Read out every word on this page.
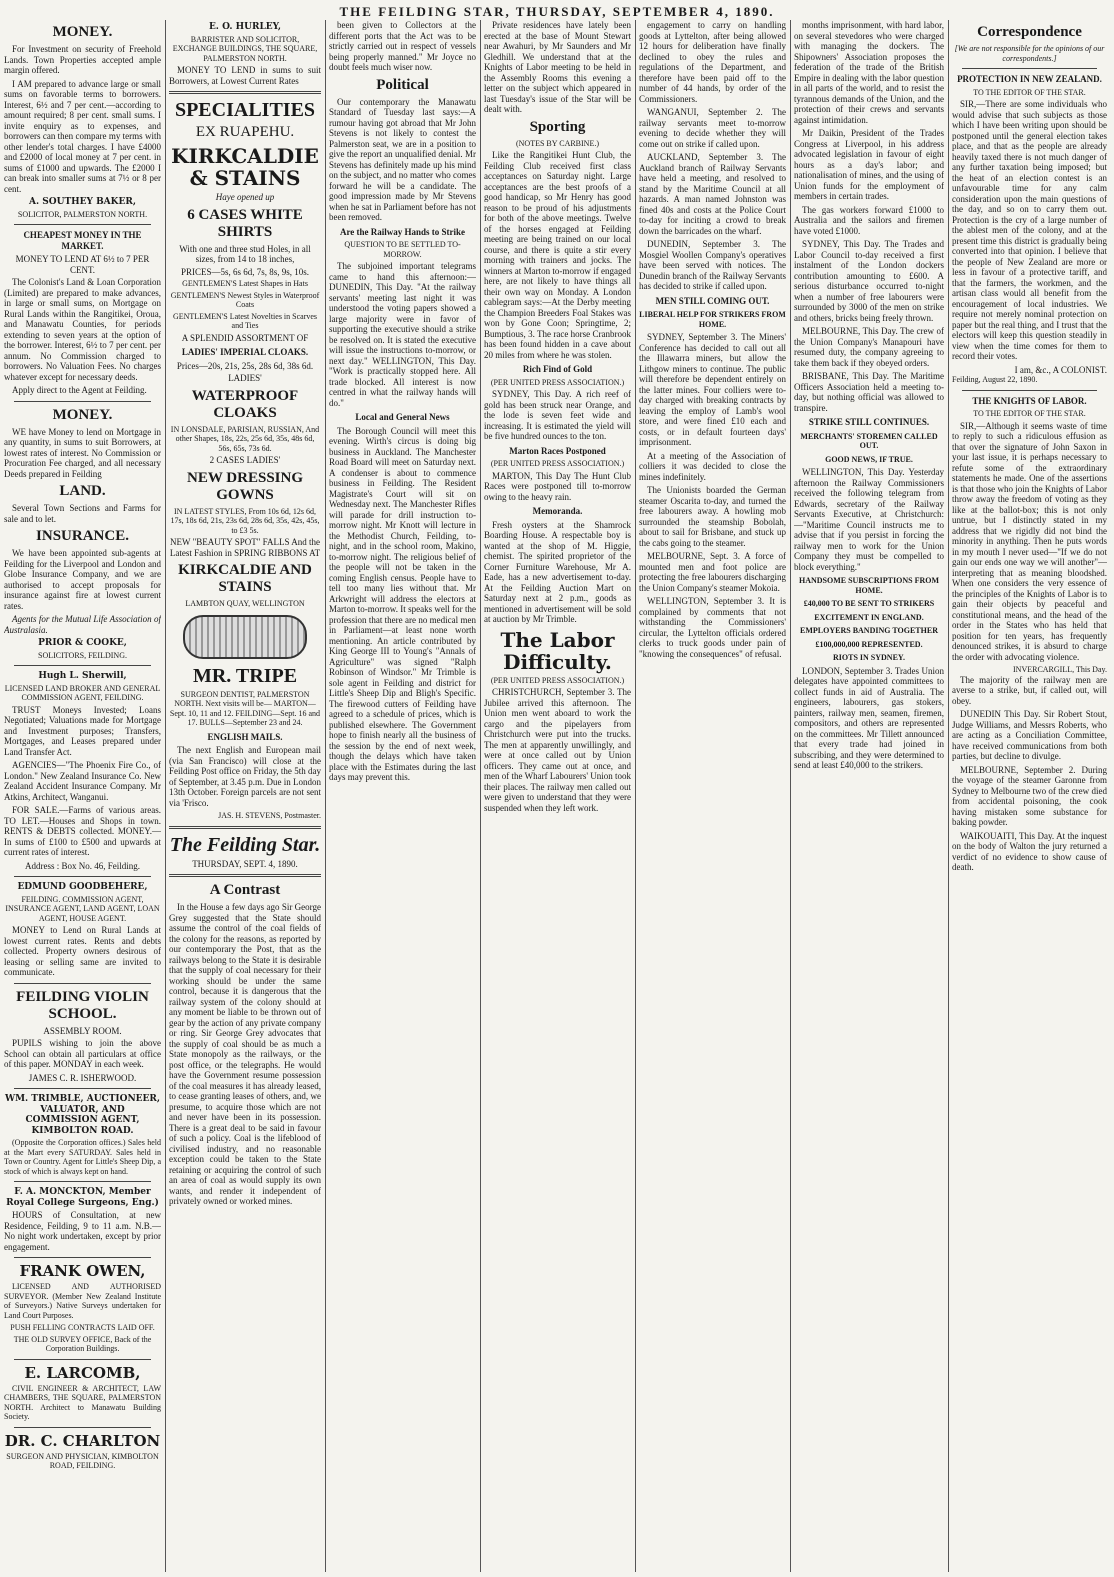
THE FEILDING STAR, THURSDAY, SEPTEMBER 4, 1890.
MONEY.

For Investment on security of Freehold Lands. Town Properties accepted ample margin offered.

I AM prepared to advance large or small sums on favorable terms to borrowers. Interest, 6½ and 7 per cent.—according to amount required; 8 per cent. small sums. I invite enquiry as to expenses, and borrowers can then compare my terms with other lender's total charges. I have £4000 and £2000 of local money at 7 per cent. in sums of £1000 and upwards. The £2000 I can break into smaller sums at 7½ or 8 per cent.

A. SOUTHEY BAKER,
SOLICITOR, PALMERSTON NORTH.
CHEAPEST MONEY IN THE MARKET.
MONEY TO LEND AT 6½ to 7 PER CENT.

The Colonist's Land & Loan Corporation (Limited) are prepared to make advances, in large or small sums, on Mortgage on Rural Lands within the Rangitikei, Oroua, and Manawatu Counties, for periods extending to seven years at the option of the borrower. Interest, 6½ to 7 per cent. per annum. No Commission charged to borrowers. No Valuation Fees. No charges whatever except for necessary deeds.

Apply direct to the Agent at Feilding.

MONEY.

WE have Money to lend on Mortgage in any quantity, in sums to suit Borrowers, at lowest rates of interest. No Commission or Procuration Fee charged, and all necessary Deeds prepared in Feilding

LAND.

Several Town Sections and Farms for sale and to let.

INSURANCE.

We have been appointed sub-agents at Feilding for the Liverpool and London and Globe Insurance Company, and we are authorised to accept proposals for insurance against fire at lowest current rates.

Agents for the Mutual Life Association of Australasia.

PRIOR & COOKE,
SOLICITORS, FEILDING.
Hugh L. Sherwill,
LICENSED LAND BROKER AND GENERAL COMMISSION AGENT, FEILDING.

TRUST Moneys Invested; Loans Negotiated; Valuations made for Mortgage and Investment purposes; Transfers, Mortgages, and Leases prepared under Land Transfer Act.

AGENCIES—"The Phoenix Fire Co., of London." New Zealand Insurance Co. New Zealand Accident Insurance Company. Mr Atkins, Architect, Wanganui.

FOR SALE.—Farms of various areas. TO LET.—Houses and Shops in town. RENTS & DEBTS collected. MONEY.—In sums of £100 to £500 and upwards at current rates of interest.

Address : Box No. 46, Feilding.
EDMUND GOODBEHERE,
FEILDING. COMMISSION AGENT, INSURANCE AGENT, LAND AGENT, LOAN AGENT, HOUSE AGENT.

MONEY to Lend on Rural Lands at lowest current rates. Rents and debts collected. Property owners desirous of leasing or selling same are invited to communicate.

FEILDING VIOLIN SCHOOL.
ASSEMBLY ROOM.

PUPILS wishing to join the above School can obtain all particulars at office of this paper. MONDAY in each week.

JAMES C. R. ISHERWOOD.
WM. TRIMBLE, AUCTIONEER, VALUATOR, AND COMMISSION AGENT, KIMBOLTON ROAD.

(Opposite the Corporation offices.) Sales held at the Mart every SATURDAY. Sales held in Town or Country. Agent for Little's Sheep Dip, a stock of which is always kept on hand.

F. A. MONCKTON, Member Royal College Surgeons, Eng.)

HOURS of Consultation, at new Residence, Feilding, 9 to 11 a.m. N.B.—No night work undertaken, except by prior engagement.

FRANK OWEN,

LICENSED AND AUTHORISED SURVEYOR. (Member New Zealand Institute of Surveyors.) Native Surveys undertaken for Land Court Purposes.

PUSH FELLING CONTRACTS LAID OFF.
THE OLD SURVEY OFFICE, Back of the Corporation Buildings.
E. LARCOMB,

CIVIL ENGINEER & ARCHITECT, LAW CHAMBERS, THE SQUARE, PALMERSTON NORTH. Architect to Manawatu Building Society.

DR. C. CHARLTON
SURGEON AND PHYSICIAN, KIMBOLTON ROAD, FEILDING.
E. O. HURLEY,
BARRISTER AND SOLICITOR, EXCHANGE BUILDINGS, THE SQUARE, PALMERSTON NORTH.

MONEY TO LEND in sums to suit Borrowers, at Lowest Current Rates

SPECIALITIES
EX RUAPEHU.
KIRKCALDIE & STAINS
Haye opened up
6 CASES WHITE SHIRTS
With one and three stud Holes, in all sizes, from 14 to 18 inches,
PRICES—5s, 6s 6d, 7s, 8s, 9s, 10s.
GENTLEMEN'S Latest Shapes in Hats
GENTLEMEN'S Newest Styles in Waterproof Coats
GENTLEMEN'S Latest Novelties in Scarves and Ties
A SPLENDID ASSORTMENT OF
LADIES' IMPERIAL CLOAKS.
Prices—20s, 21s, 25s, 28s 6d, 38s 6d.
LADIES'
WATERPROOF CLOAKS
IN LONSDALE, PARISIAN, RUSSIAN, And other Shapes, 18s, 22s, 25s 6d, 35s, 48s 6d, 56s, 65s, 73s 6d.
2 CASES LADIES'
NEW DRESSING GOWNS
IN LATEST STYLES, From 10s 6d, 12s 6d, 17s, 18s 6d, 21s, 23s 6d, 28s 6d, 35s, 42s, 45s, to £3 5s.
NEW "BEAUTY SPOT" FALLS And the Latest Fashion in SPRING RIBBONS AT
KIRKCALDIE AND STAINS
LAMBTON QUAY, WELLINGTON
MR. TRIPE
SURGEON DENTIST, PALMERSTON NORTH. Next visits will be— MARTON—Sept. 10, 11 and 12. FEILDING—Sept. 16 and 17. BULLS—September 23 and 24.
ENGLISH MAILS.

The next English and European mail (via San Francisco) will close at the Feilding Post office on Friday, the 5th day of September, at 3.45 p.m. Due in London 13th October. Foreign parcels are not sent via 'Frisco.

JAS. H. STEVENS, Postmaster.
The Feilding Star.
THURSDAY, SEPT. 4, 1890.
A Contrast

In the House a few days ago Sir George Grey suggested that the State should assume the control of the coal fields of the colony for the reasons, as reported by our contemporary the Post, that as the railways belong to the State it is desirable that the supply of coal necessary for their working should be under the same control, because it is dangerous that the railway system of the colony should at any moment be liable to be thrown out of gear by the action of any private company or ring. Sir George Grey advocates that the supply of coal should be as much a State monopoly as the railways, or the post office, or the telegraphs. He would have the Government resume possession of the coal measures it has already leased, to cease granting leases of others, and, we presume, to acquire those which are not and never have been in its possession. There is a great deal to be said in favour of such a policy. Coal is the lifeblood of civilised industry, and no reasonable exception could be taken to the State retaining or acquiring the control of such an area of coal as would supply its own wants, and render it independent of privately owned or worked mines.

been given to Collectors at the different ports that the Act was to be strictly carried out in respect of vessels being properly manned." Mr Joyce no doubt feels much wiser now.

Political

Our contemporary the Manawatu Standard of Tuesday last says:—A rumour having got abroad that Mr John Stevens is not likely to contest the Palmerston seat, we are in a position to give the report an unqualified denial. Mr Stevens has definitely made up his mind on the subject, and no matter who comes forward he will be a candidate. The good impression made by Mr Stevens when he sat in Parliament before has not been removed.

Are the Railway Hands to Strike
QUESTION TO BE SETTLED TO-MORROW.

The subjoined important telegrams came to hand this afternoon:— DUNEDIN, This Day. "At the railway servants' meeting last night it was understood the voting papers showed a large majority were in favor of supporting the executive should a strike be resolved on. It is stated the executive will issue the instructions to-morrow, or next day." WELLINGTON, This Day. "Work is practically stopped here. All trade blocked. All interest is now centred in what the railway hands will do."

Local and General News

The Borough Council will meet this evening. Wirth's circus is doing big business in Auckland. The Manchester Road Board will meet on Saturday next. A condenser is about to commence business in Feilding. The Resident Magistrate's Court will sit on Wednesday next. The Manchester Rifles will parade for drill instruction to-morrow night. Mr Knott will lecture in the Methodist Church, Feilding, to-night, and in the school room, Makino, to-morrow night. The religious belief of the people will not be taken in the coming English census. People have to tell too many lies without that. Mr Arkwright will address the electors at Marton to-morrow. It speaks well for the profession that there are no medical men in Parliament—at least none worth mentioning. An article contributed by King George III to Young's "Annals of Agriculture" was signed "Ralph Robinson of Windsor." Mr Trimble is sole agent in Feilding and district for Little's Sheep Dip and Bligh's Specific. The firewood cutters of Feilding have agreed to a schedule of prices, which is published elsewhere. The Government hope to finish nearly all the business of the session by the end of next week, though the delays which have taken place with the Estimates during the last days may prevent this.

Private residences have lately been erected at the base of Mount Stewart near Awahuri, by Mr Saunders and Mr Gledhill. We understand that at the Knights of Labor meeting to be held in the Assembly Rooms this evening a letter on the subject which appeared in last Tuesday's issue of the Star will be dealt with.

Sporting
(NOTES BY CARBINE.)

Like the Rangitikei Hunt Club, the Feilding Club received first class acceptances on Saturday night. Large acceptances are the best proofs of a good handicap, so Mr Henry has good reason to be proud of his adjustments for both of the above meetings. Twelve of the horses engaged at Feilding meeting are being trained on our local course, and there is quite a stir every morning with trainers and jocks. The winners at Marton to-morrow if engaged here, are not likely to have things all their own way on Monday. A London cablegram says:—At the Derby meeting the Champion Breeders Foal Stakes was won by Gone Coon; Springtime, 2; Bumptious, 3. The race horse Cranbrook has been found hidden in a cave about 20 miles from where he was stolen.

Rich Find of Gold
(PER UNITED PRESS ASSOCIATION.)

SYDNEY, This Day. A rich reef of gold has been struck near Orange, and the lode is seven feet wide and increasing. It is estimated the yield will be five hundred ounces to the ton.

Marton Races Postponed
(PER UNITED PRESS ASSOCIATION.)

MARTON, This Day The Hunt Club Races were postponed till to-morrow owing to the heavy rain.

Memoranda.

Fresh oysters at the Shamrock Boarding House. A respectable boy is wanted at the shop of M. Higgie, chemist. The spirited proprietor of the Corner Furniture Warehouse, Mr A. Eade, has a new advertisement to-day. At the Feilding Auction Mart on Saturday next at 2 p.m., goods as mentioned in advertisement will be sold at auction by Mr Trimble.

The Labor Difficulty.
(PER UNITED PRESS ASSOCIATION.)

CHRISTCHURCH, September 3. The Jubilee arrived this afternoon. The Union men went aboard to work the cargo and the pipelayers from Christchurch were put into the trucks. The men at apparently unwillingly, and were at once called out by Union officers. They came out at once, and men of the Wharf Labourers' Union took their places. The railway men called out were given to understand that they were suspended when they left work.

engagement to carry on handling goods at Lyttelton, after being allowed 12 hours for deliberation have finally declined to obey the rules and regulations of the Department, and therefore have been paid off to the number of 44 hands, by order of the Commissioners.

WANGANUI, September 2. The railway servants meet to-morrow evening to decide whether they will come out on strike if called upon.

AUCKLAND, September 3. The Auckland branch of Railway Servants have held a meeting, and resolved to stand by the Maritime Council at all hazards. A man named Johnston was fined 40s and costs at the Police Court to-day for inciting a crowd to break down the barricades on the wharf.

DUNEDIN, September 3. The Mosgiel Woollen Company's operatives have been served with notices. The Dunedin branch of the Railway Servants has decided to strike if called upon.

MEN STILL COMING OUT.
LIBERAL HELP FOR STRIKERS FROM HOME.

SYDNEY, September 3. The Miners' Conference has decided to call out all the Illawarra miners, but allow the Lithgow miners to continue. The public will therefore be dependent entirely on the latter mines. Four colliers were to-day charged with breaking contracts by leaving the employ of Lamb's wool store, and were fined £10 each and costs, or in default fourteen days' imprisonment.

At a meeting of the Association of colliers it was decided to close the mines indefinitely.

The Unionists boarded the German steamer Oscarita to-day, and turned the free labourers away. A howling mob surrounded the steamship Bobolah, about to sail for Brisbane, and stuck up the cabs going to the steamer.

MELBOURNE, Sept. 3. A force of mounted men and foot police are protecting the free labourers discharging the Union Company's steamer Mokoia.

WELLINGTON, September 3. It is complained by comments that not withstanding the Commissioners' circular, the Lyttelton officials ordered clerks to truck goods under pain of "knowing the consequences" of refusal.

months imprisonment, with hard labor, on several stevedores who were charged with managing the dockers. The Shipowners' Association proposes the federation of the trade of the British Empire in dealing with the labor question in all parts of the world, and to resist the tyrannous demands of the Union, and the protection of their crews and servants against intimidation.

Mr Daikin, President of the Trades Congress at Liverpool, in his address advocated legislation in favour of eight hours as a day's labor; and nationalisation of mines, and the using of Union funds for the employment of members in certain trades.

The gas workers forward £1000 to Australia and the sailors and firemen have voted £1000.

SYDNEY, This Day. The Trades and Labor Council to-day received a first instalment of the London dockers contribution amounting to £600. A serious disturbance occurred to-night when a number of free labourers were surrounded by 3000 of the men on strike and others, bricks being freely thrown.

MELBOURNE, This Day. The crew of the Union Company's Manapouri have resumed duty, the company agreeing to take them back if they obeyed orders.

BRISBANE, This Day. The Maritime Officers Association held a meeting to-day, but nothing official was allowed to transpire.

STRIKE STILL CONTINUES.
MERCHANTS' STOREMEN CALLED OUT.
GOOD NEWS, IF TRUE.

WELLINGTON, This Day. Yesterday afternoon the Railway Commissioners received the following telegram from Edwards, secretary of the Railway Servants Executive, at Christchurch:—"Maritime Council instructs me to advise that if you persist in forcing the railway men to work for the Union Company they must be compelled to block everything."

HANDSOME SUBSCRIPTIONS FROM HOME.
£40,000 TO BE SENT TO STRIKERS
EXCITEMENT IN ENGLAND.
EMPLOYERS BANDING TOGETHER
£100,000,000 REPRESENTED.
RIOTS IN SYDNEY.

LONDON, September 3. Trades Union delegates have appointed committees to collect funds in aid of Australia. The engineers, labourers, gas stokers, painters, railway men, seamen, firemen, compositors, and others are represented on the committees. Mr Tillett announced that every trade had joined in subscribing, and they were determined to send at least £40,000 to the strikers.

Correspondence
[We are not responsible for the opinions of our correspondents.]
PROTECTION IN NEW ZEALAND.
TO THE EDITOR OF THE STAR.

SIR,—There are some individuals who would advise that such subjects as those which I have been writing upon should be postponed until the general election takes place, and that as the people are already heavily taxed there is not much danger of any further taxation being imposed; but the heat of an election contest is an unfavourable time for any calm consideration upon the main questions of the day, and so on to carry them out. Protection is the cry of a large number of the ablest men of the colony, and at the present time this district is gradually being converted into that opinion. I believe that the people of New Zealand are more or less in favour of a protective tariff, and that the farmers, the workmen, and the artisan class would all benefit from the encouragement of local industries. We require not merely nominal protection on paper but the real thing, and I trust that the electors will keep this question steadily in view when the time comes for them to record their votes.

I am, &c., A COLONIST.
Feilding, August 22, 1890.
THE KNIGHTS OF LABOR.
TO THE EDITOR OF THE STAR.

SIR,—Although it seems waste of time to reply to such a ridiculous effusion as that over the signature of John Saxon in your last issue, it is perhaps necessary to refute some of the extraordinary statements he made. One of the assertions is that those who join the Knights of Labor throw away the freedom of voting as they like at the ballot-box; this is not only untrue, but I distinctly stated in my address that we rigidly did not bind the minority in anything. Then he puts words in my mouth I never used—"If we do not gain our ends one way we will another"—interpreting that as meaning bloodshed. When one considers the very essence of the principles of the Knights of Labor is to gain their objects by peaceful and constitutional means, and the head of the order in the States who has held that position for ten years, has frequently denounced strikes, it is absurd to charge the order with advocating violence.

INVERCARGILL, This Day.

The majority of the railway men are averse to a strike, but, if called out, will obey.

DUNEDIN This Day. Sir Robert Stout, Judge Williams, and Messrs Roberts, who are acting as a Conciliation Committee, have received communications from both parties, but decline to divulge.

MELBOURNE, September 2. During the voyage of the steamer Garonne from Sydney to Melbourne two of the crew died from accidental poisoning, the cook having mistaken some substance for baking powder.

WAIKOUAITI, This Day. At the inquest on the body of Walton the jury returned a verdict of no evidence to show cause of death.
